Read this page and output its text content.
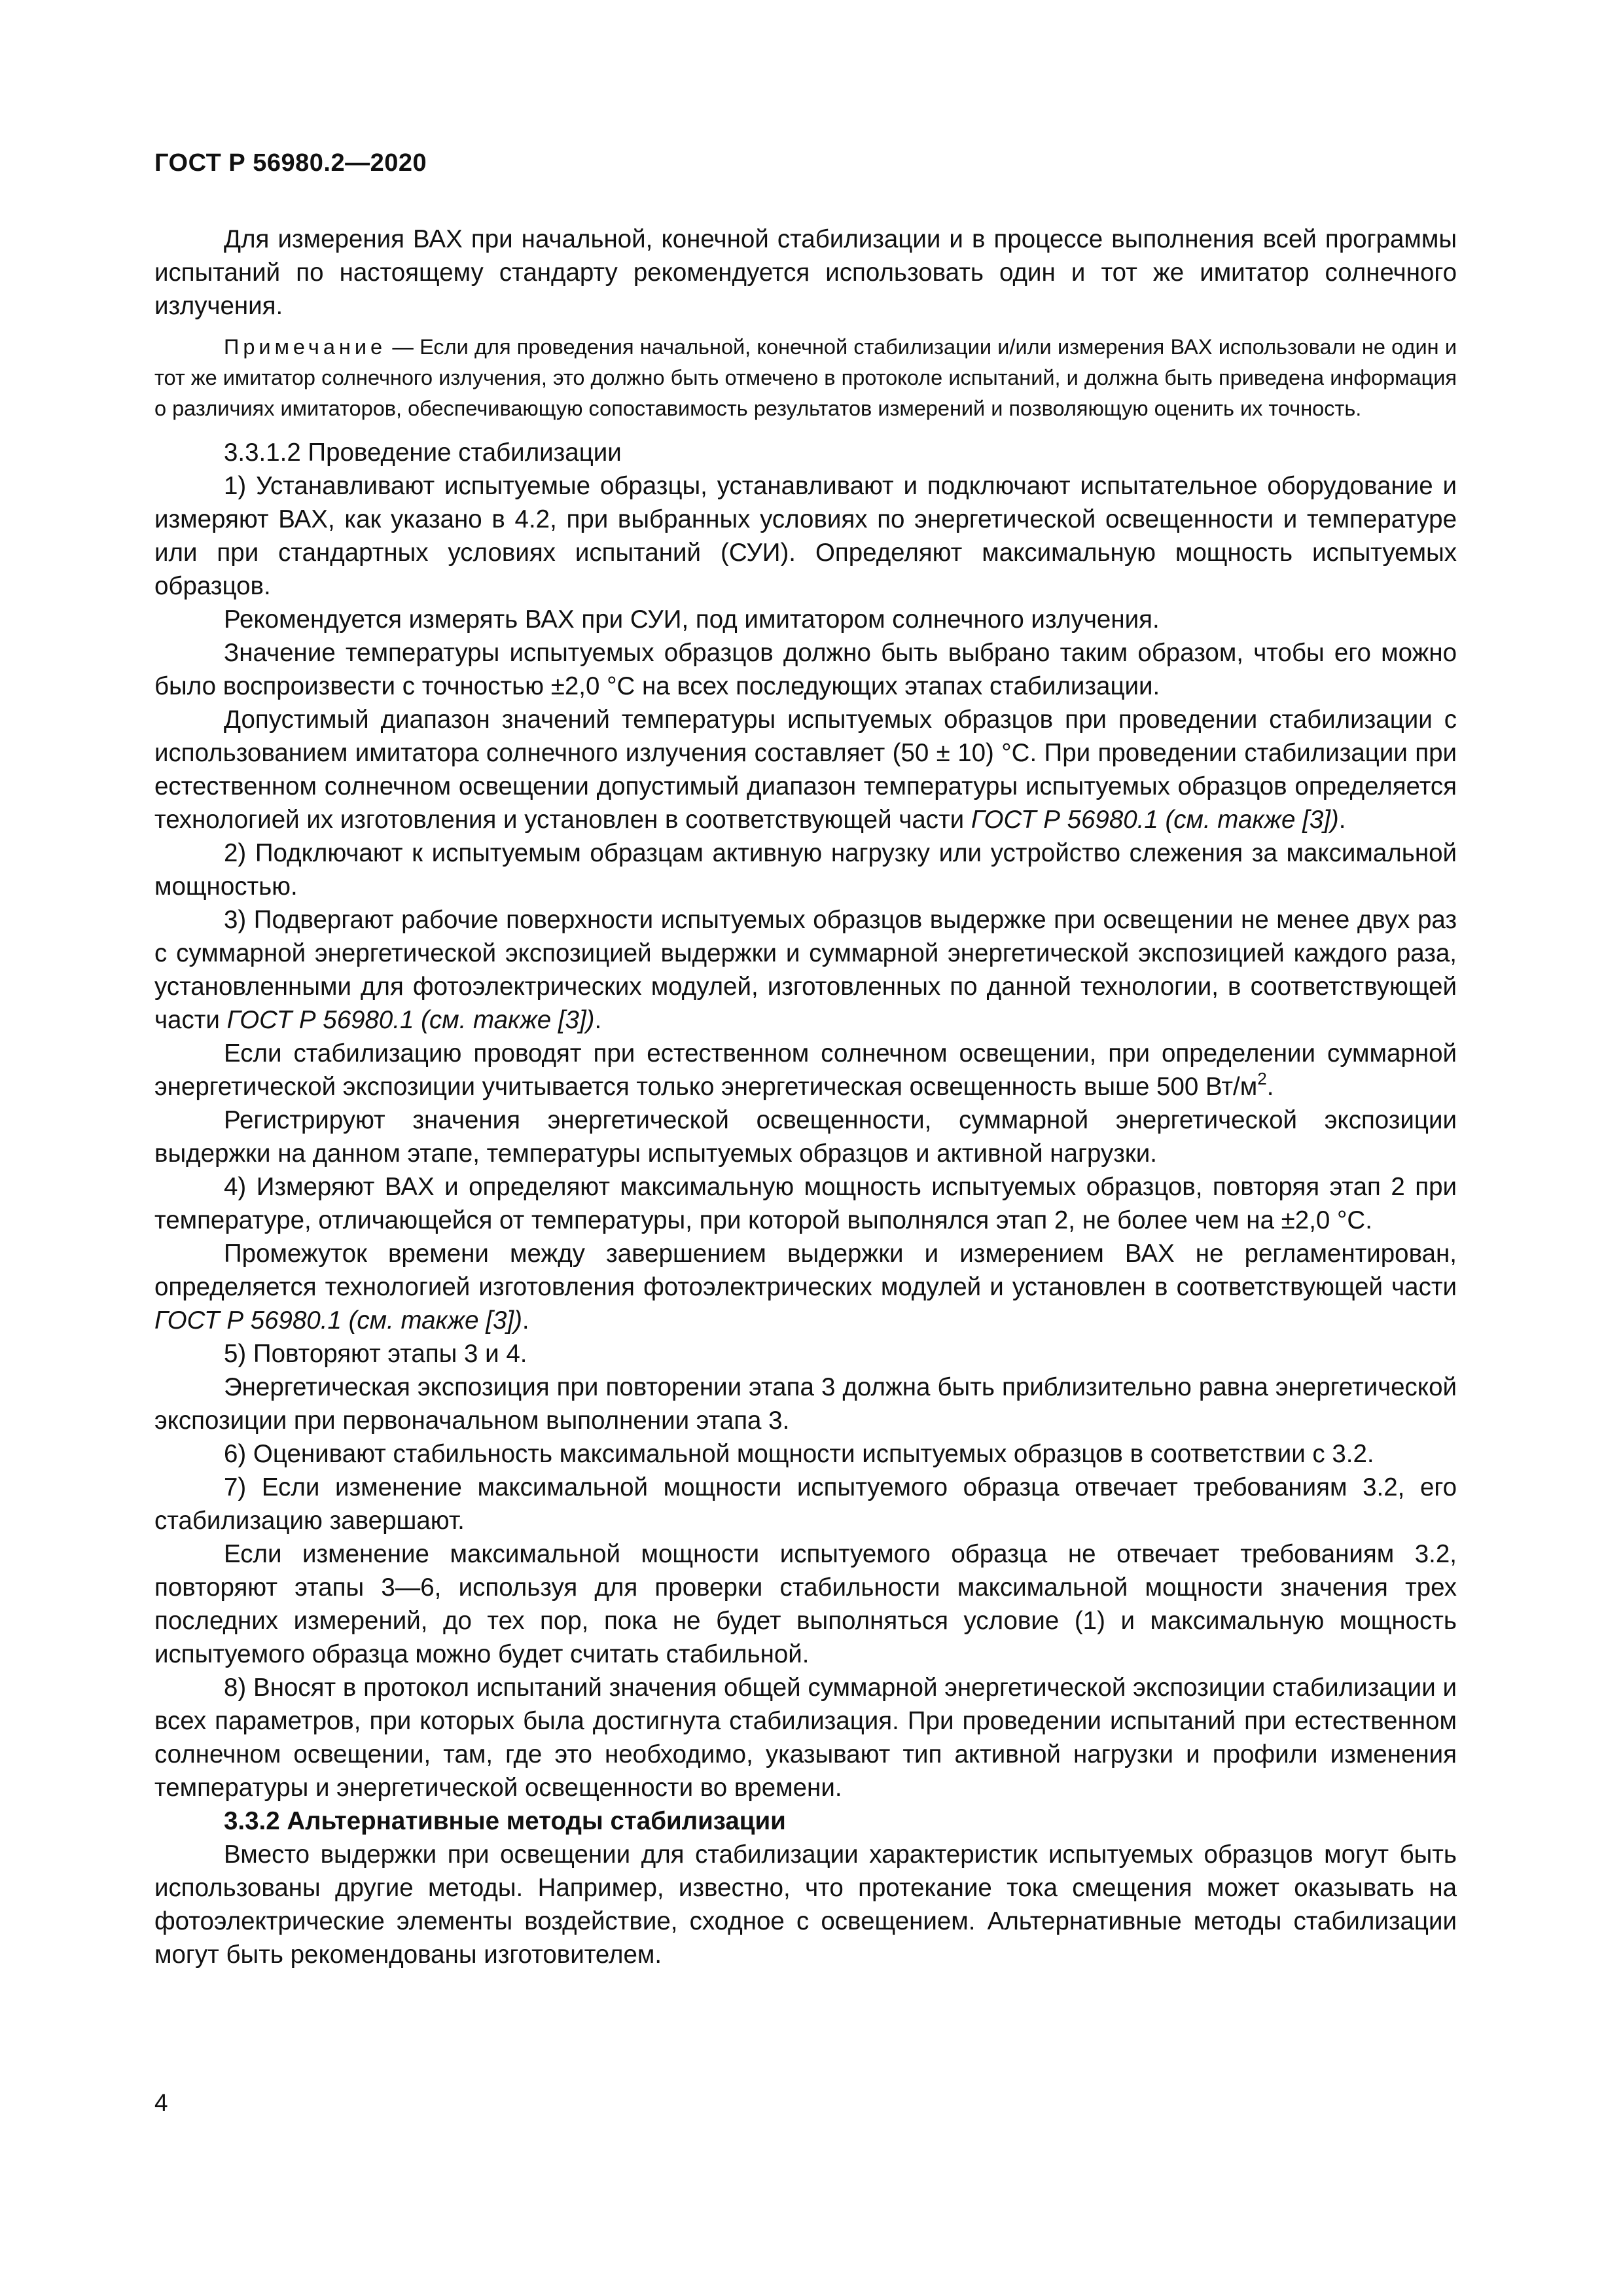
ГОСТ Р 56980.2—2020

Для измерения ВАХ при начальной, конечной стабилизации и в процессе выполнения всей программы испытаний по настоящему стандарту рекомендуется использовать один и тот же имитатор солнечного излучения.

Примечание — Если для проведения начальной, конечной стабилизации и/или измерения ВАХ использовали не один и тот же имитатор солнечного излучения, это должно быть отмечено в протоколе испытаний, и должна быть приведена информация о различиях имитаторов, обеспечивающую сопоставимость результатов измерений и позволяющую оценить их точность.

3.3.1.2 Проведение стабилизации

1) Устанавливают испытуемые образцы, устанавливают и подключают испытательное оборудование и измеряют ВАХ, как указано в 4.2, при выбранных условиях по энергетической освещенности и температуре или при стандартных условиях испытаний (СУИ). Определяют максимальную мощность испытуемых образцов.

Рекомендуется измерять ВАХ при СУИ, под имитатором солнечного излучения.

Значение температуры испытуемых образцов должно быть выбрано таким образом, чтобы его можно было воспроизвести с точностью ±2,0 °С на всех последующих этапах стабилизации.

Допустимый диапазон значений температуры испытуемых образцов при проведении стабилизации с использованием имитатора солнечного излучения составляет (50 ± 10) °С. При проведении стабилизации при естественном солнечном освещении допустимый диапазон температуры испытуемых образцов определяется технологией их изготовления и установлен в соответствующей части ГОСТ Р 56980.1 (см. также [3]).

2) Подключают к испытуемым образцам активную нагрузку или устройство слежения за максимальной мощностью.

3) Подвергают рабочие поверхности испытуемых образцов выдержке при освещении не менее двух раз с суммарной энергетической экспозицией выдержки и суммарной энергетической экспозицией каждого раза, установленными для фотоэлектрических модулей, изготовленных по данной технологии, в соответствующей части ГОСТ Р 56980.1 (см. также [3]).

Если стабилизацию проводят при естественном солнечном освещении, при определении суммарной энергетической экспозиции учитывается только энергетическая освещенность выше 500 $Вт/м^2$.

Регистрируют значения энергетической освещенности, суммарной энергетической экспозиции выдержки на данном этапе, температуры испытуемых образцов и активной нагрузки.

4) Измеряют ВАХ и определяют максимальную мощность испытуемых образцов, повторяя этап 2 при температуре, отличающейся от температуры, при которой выполнялся этап 2, не более чем на ±2,0 °С.

Промежуток времени между завершением выдержки и измерением ВАХ не регламентирован, определяется технологией изготовления фотоэлектрических модулей и установлен в соответствующей части ГОСТ Р 56980.1 (см. также [3]).

5) Повторяют этапы 3 и 4.

Энергетическая экспозиция при повторении этапа 3 должна быть приблизительно равна энергетической экспозиции при первоначальном выполнении этапа 3.

6) Оценивают стабильность максимальной мощности испытуемых образцов в соответствии с 3.2.

7) Если изменение максимальной мощности испытуемого образца отвечает требованиям 3.2, его стабилизацию завершают.

Если изменение максимальной мощности испытуемого образца не отвечает требованиям 3.2, повторяют этапы 3—6, используя для проверки стабильности максимальной мощности значения трех последних измерений, до тех пор, пока не будет выполняться условие (1) и максимальную мощность испытуемого образца можно будет считать стабильной.

8) Вносят в протокол испытаний значения общей суммарной энергетической экспозиции стабилизации и всех параметров, при которых была достигнута стабилизация. При проведении испытаний при естественном солнечном освещении, там, где это необходимо, указывают тип активной нагрузки и профили изменения температуры и энергетической освещенности во времени.

3.3.2 Альтернативные методы стабилизации

Вместо выдержки при освещении для стабилизации характеристик испытуемых образцов могут быть использованы другие методы. Например, известно, что протекание тока смещения может оказывать на фотоэлектрические элементы воздействие, сходное с освещением. Альтернативные методы стабилизации могут быть рекомендованы изготовителем.

4
